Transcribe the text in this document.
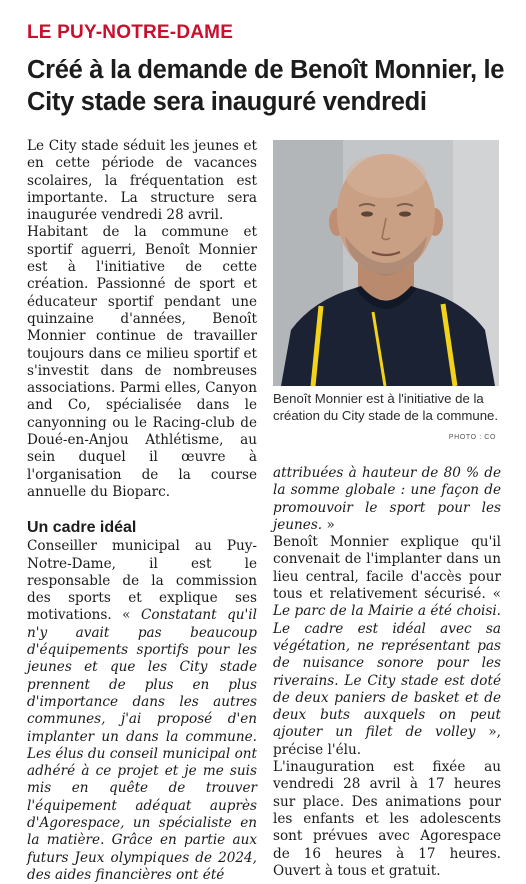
LE PUY-NOTRE-DAME
Créé à la demande de Benoît Monnier, le City stade sera inauguré vendredi

Le City stade séduit les jeunes et en cette période de vacances scolaires, la fréquentation est importante. La structure sera inaugurée vendredi 28 avril.

Habitant de la commune et sportif aguerri, Benoît Monnier est à l'initiative de cette création. Passionné de sport et éducateur sportif pendant une quinzaine d'années, Benoît Monnier continue de travailler toujours dans ce milieu sportif et s'investit dans de nombreuses associations. Parmi elles, Canyon and Co, spécialisée dans le canyonning ou le Racing-club de Doué-en-Anjou Athlétisme, au sein duquel il œuvre à l'organisation de la course annuelle du Bioparc.

Un cadre idéal

Conseiller municipal au Puy-Notre-Dame, il est le responsable de la commission des sports et explique ses motivations. « Constatant qu'il n'y avait pas beaucoup d'équipements sportifs pour les jeunes et que les City stade prennent de plus en plus d'importance dans les autres communes, j'ai proposé d'en implanter un dans la commune. Les élus du conseil municipal ont adhéré à ce projet et je me suis mis en quête de trouver l'équipement adéquat auprès d'Agorespace, un spécialiste en la matière. Grâce en partie aux futurs Jeux olympiques de 2024, des aides financières ont été

Benoît Monnier est à l'initiative de la création du City stade de la commune.
PHOTO : CO

attribuées à hauteur de 80 % de la somme globale : une façon de promouvoir le sport pour les jeunes. »

Benoît Monnier explique qu'il convenait de l'implanter dans un lieu central, facile d'accès pour tous et relativement sécurisé. « Le parc de la Mairie a été choisi. Le cadre est idéal avec sa végétation, ne représentant pas de nuisance sonore pour les riverains. Le City stade est doté de deux paniers de basket et de deux buts auxquels on peut ajouter un filet de volley », précise l'élu.

L'inauguration est fixée au vendredi 28 avril à 17 heures sur place. Des animations pour les enfants et les adolescents sont prévues avec Agorespace de 16 heures à 17 heures. Ouvert à tous et gratuit.
